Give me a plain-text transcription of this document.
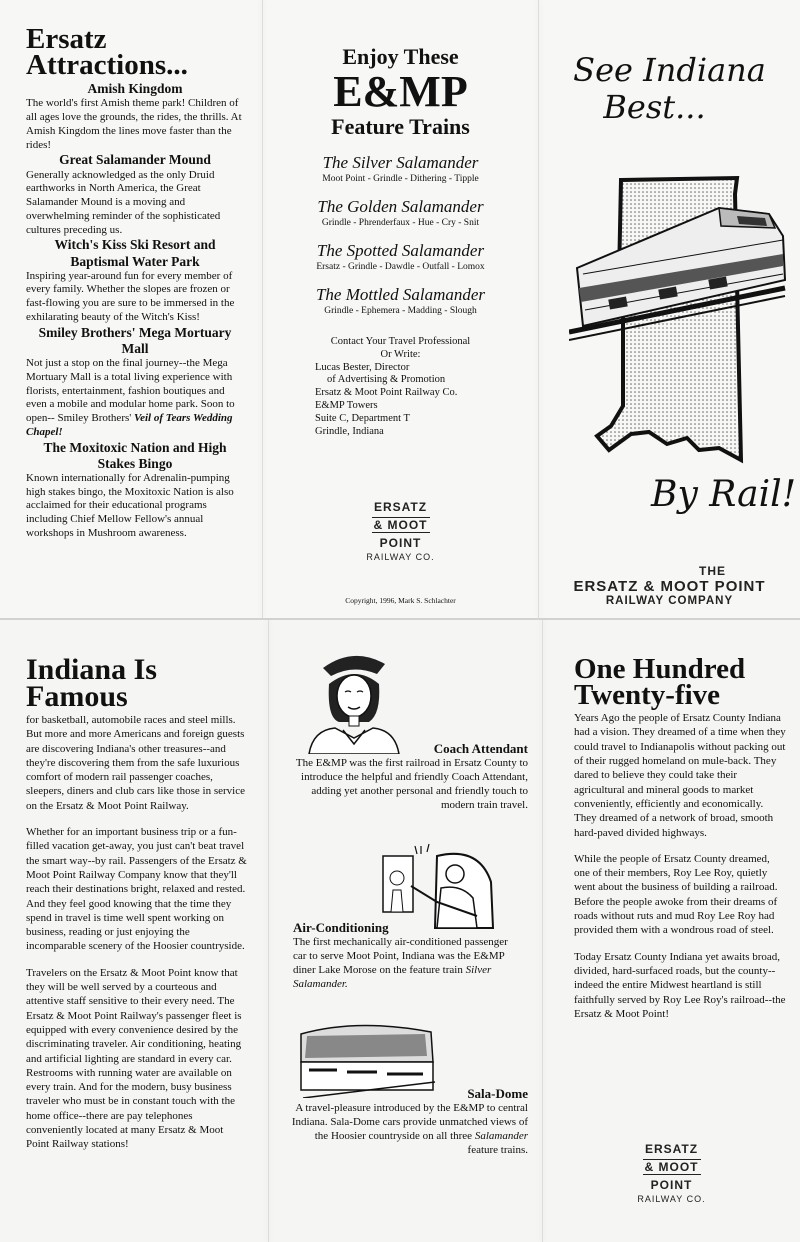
Ersatz
Attractions...
Amish Kingdom
The world's first Amish theme park! Children of all ages love the grounds, the rides, the thrills. At Amish Kingdom the lines move faster than the rides!
Great Salamander Mound
Generally acknowledged as the only Druid earthworks in North America, the Great Salamander Mound is a moving and overwhelming reminder of the sophisticated cultures preceding us.
Witch's Kiss Ski Resort and Baptismal Water Park
Inspiring year-around fun for every member of every family. Whether the slopes are frozen or fast-flowing you are sure to be immersed in the exhilarating beauty of the Witch's Kiss!
Smiley Brothers' Mega Mortuary Mall
Not just a stop on the final journey--the Mega Mortuary Mall is a total living experience with florists, entertainment, fashion boutiques and even a mobile and modular home park. Soon to open-- Smiley Brothers' Veil of Tears Wedding Chapel!
The Moxitoxic Nation and High Stakes Bingo
Known internationally for Adrenalin-pumping high stakes bingo, the Moxitoxic Nation is also acclaimed for their educational programs including Chief Mellow Fellow's annual workshops in Mushroom awareness.
Enjoy These
E&MP
Feature Trains
The Silver Salamander
Moot Point - Grindle - Dithering - Tipple
The Golden Salamander
Grindle - Phrenderfaux - Hue - Cry - Snit
The Spotted Salamander
Ersatz - Grindle - Dawdle - Outfall - Lomox
The Mottled Salamander
Grindle - Ephemera - Madding - Slough
Contact Your Travel Professional
Or Write:
Lucas Bester, Director
of Advertising & Promotion
Ersatz & Moot Point Railway Co.
E&MP Towers
Suite C, Department T
Grindle, Indiana
ERSATZ
& MOOT
POINT

RAILWAY CO.
Copyright, 1996, Mark S. Schlachter
See Indiana
Best...
By Rail!
THE
ERSATZ & MOOT POINT
RAILWAY COMPANY
Indiana Is
Famous
for basketball, automobile races and steel mills. But more and more Americans and foreign guests are discovering Indiana's other treasures--and they're discovering them from the safe luxurious comfort of modern rail passenger coaches, sleepers, diners and club cars like those in service on the Ersatz & Moot Point Railway.
Whether for an important business trip or a fun-filled vacation get-away, you just can't beat travel the smart way--by rail. Passengers of the Ersatz & Moot Point Railway Company know that they'll reach their destinations bright, relaxed and rested. And they feel good knowing that the time they spend in travel is time well spent working on business, reading or just enjoying the incomparable scenery of the Hoosier countryside.
Travelers on the Ersatz & Moot Point know that they will be well served by a courteous and attentive staff sensitive to their every need. The Ersatz & Moot Point Railway's passenger fleet is equipped with every convenience desired by the discriminating traveler. Air conditioning, heating and artificial lighting are standard in every car. Restrooms with running water are available on every train. And for the modern, busy business traveler who must be in constant touch with the home office--there are pay telephones conveniently located at many Ersatz & Moot Point Railway stations!
Coach Attendant
The E&MP was the first railroad in Ersatz County to introduce the helpful and friendly Coach Attendant, adding yet another personal and friendly touch to modern train travel.
Air-Conditioning
The first mechanically air-conditioned passenger car to serve Moot Point, Indiana was the E&MP diner Lake Morose on the feature train Silver Salamander.
Sala-Dome
A travel-pleasure introduced by the E&MP to central Indiana. Sala-Dome cars provide unmatched views of the Hoosier countryside on all three Salamander feature trains.
One Hundred
Twenty-five
Years Ago the people of Ersatz County Indiana had a vision. They dreamed of a time when they could travel to Indianapolis without packing out of their rugged homeland on mule-back. They dared to believe they could take their agricultural and mineral goods to market conveniently, efficiently and economically. They dreamed of a network of broad, smooth hard-paved divided highways.
While the people of Ersatz County dreamed, one of their members, Roy Lee Roy, quietly went about the business of building a railroad. Before the people awoke from their dreams of roads without ruts and mud Roy Lee Roy had provided them with a wondrous road of steel.
Today Ersatz County Indiana yet awaits broad, divided, hard-surfaced roads, but the county--indeed the entire Midwest heartland is still faithfully served by Roy Lee Roy's railroad--the Ersatz & Moot Point!
ERSATZ
& MOOT
POINT

RAILWAY CO.
